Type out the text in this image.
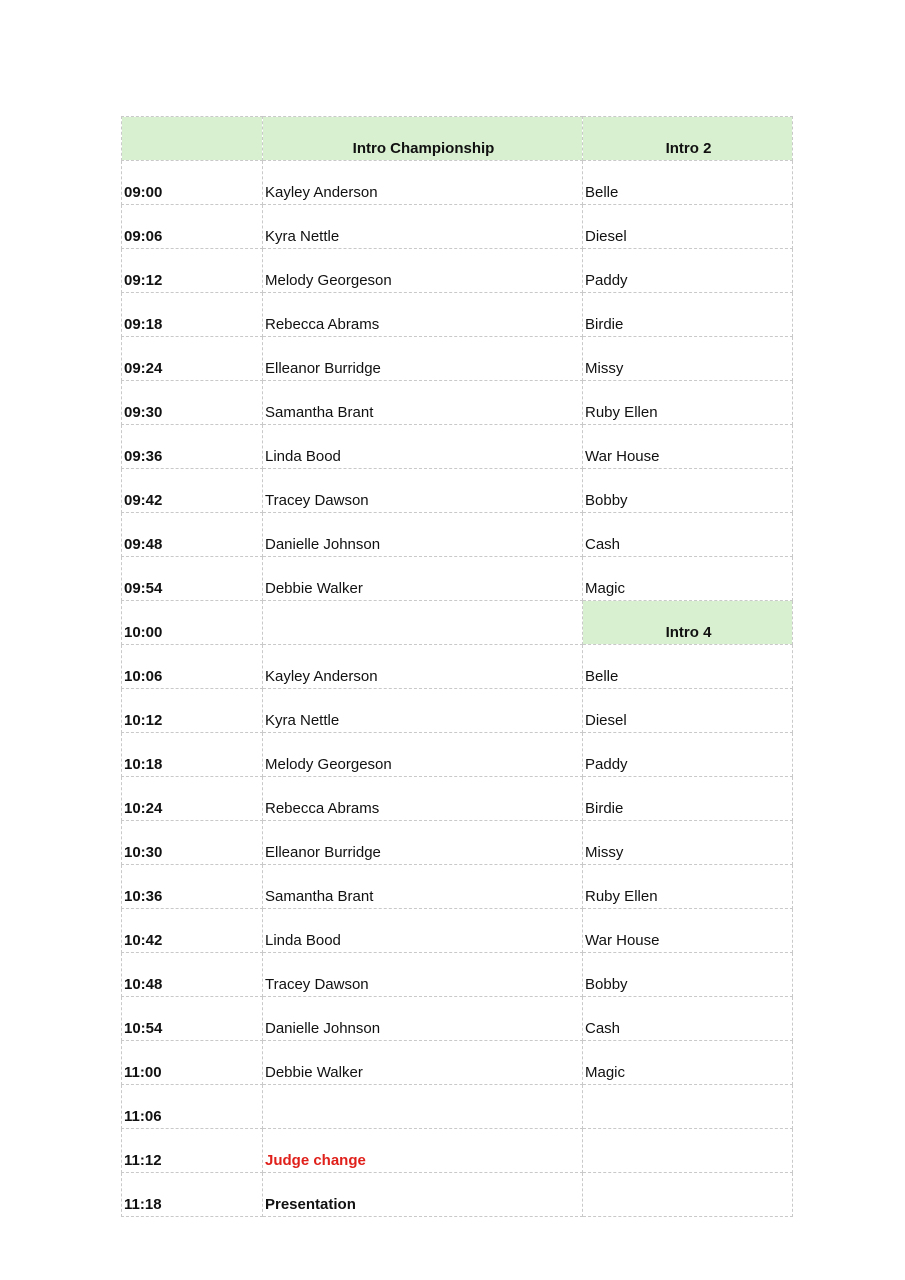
	Intro Championship	Intro 2
09:00	Kayley Anderson	Belle
09:06	Kyra Nettle	Diesel
09:12	Melody Georgeson	Paddy
09:18	Rebecca Abrams	Birdie
09:24	Elleanor Burridge	Missy
09:30	Samantha Brant	Ruby Ellen
09:36	Linda Bood	War House
09:42	Tracey Dawson	Bobby
09:48	Danielle Johnson	Cash
09:54	Debbie Walker	Magic
10:00		Intro 4
10:06	Kayley Anderson	Belle
10:12	Kyra Nettle	Diesel
10:18	Melody Georgeson	Paddy
10:24	Rebecca Abrams	Birdie
10:30	Elleanor Burridge	Missy
10:36	Samantha Brant	Ruby Ellen
10:42	Linda Bood	War House
10:48	Tracey Dawson	Bobby
10:54	Danielle Johnson	Cash
11:00	Debbie Walker	Magic
11:06		
11:12	Judge change	
11:18	Presentation	
